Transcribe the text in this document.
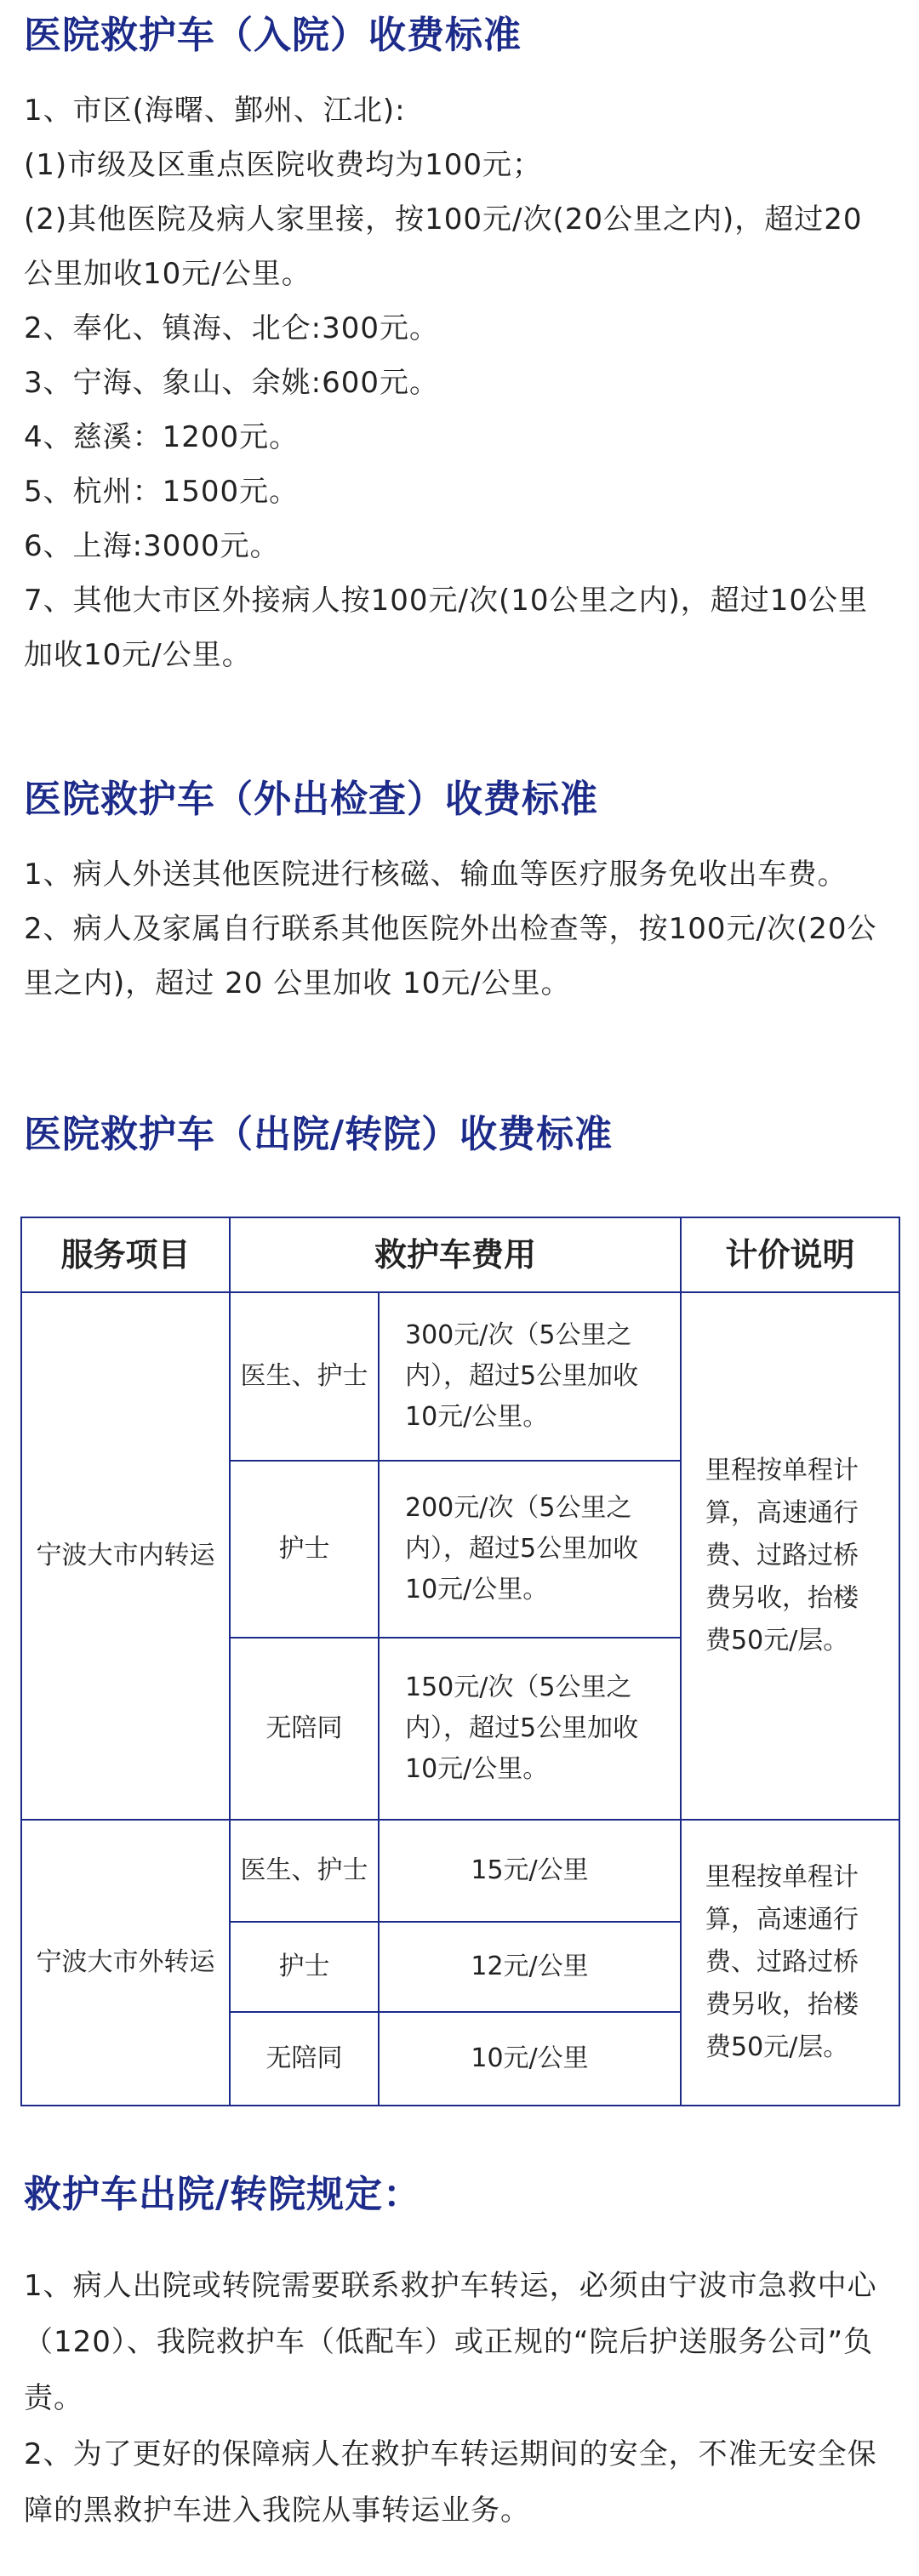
医院救护车（入院）收费标准

1、市区(海曙、鄞州、江北):

(1)市级及区重点医院收费均为100元；

(2)其他医院及病人家里接，按100元/次(20公里之内)，超过20 公里加收10元/公里。

2、奉化、镇海、北仑:300元。

3、宁海、象山、余姚:600元。

4、慈溪：1200元。

5、杭州：1500元。

6、上海:3000元。

7、其他大市区外接病人按100元/次(10公里之内)，超过10公里加收10元/公里。

医院救护车（外出检查）收费标准

1、病人外送其他医院进行核磁、输血等医疗服务免收出车费。

2、病人及家属自行联系其他医院外出检查等，按100元/次(20公里之内)，超过 20 公里加收 10元/公里。

医院救护车（出院/转院）收费标准
服务项目	救护车费用		计价说明
宁波大市内转运	医生、护士	300元/次（5公里之内），超过5公里加收10元/公里。	里程按单程计算，高速通行费、过路过桥费另收，抬楼费50元/层。
	护士	200元/次（5公里之内），超过5公里加收10元/公里。	
	无陪同	150元/次（5公里之内），超过5公里加收10元/公里。	
宁波大市外转运	医生、护士	15元/公里	里程按单程计算，高速通行费、过路过桥费另收，抬楼费50元/层。
	护士	12元/公里	
	无陪同	10元/公里	
救护车出院/转院规定：

1、病人出院或转院需要联系救护车转运，必须由宁波市急救中心（120）、我院救护车（低配车）或正规的“院后护送服务公司”负责。

2、为了更好的保障病人在救护车转运期间的安全，不准无安全保障的黑救护车进入我院从事转运业务。
